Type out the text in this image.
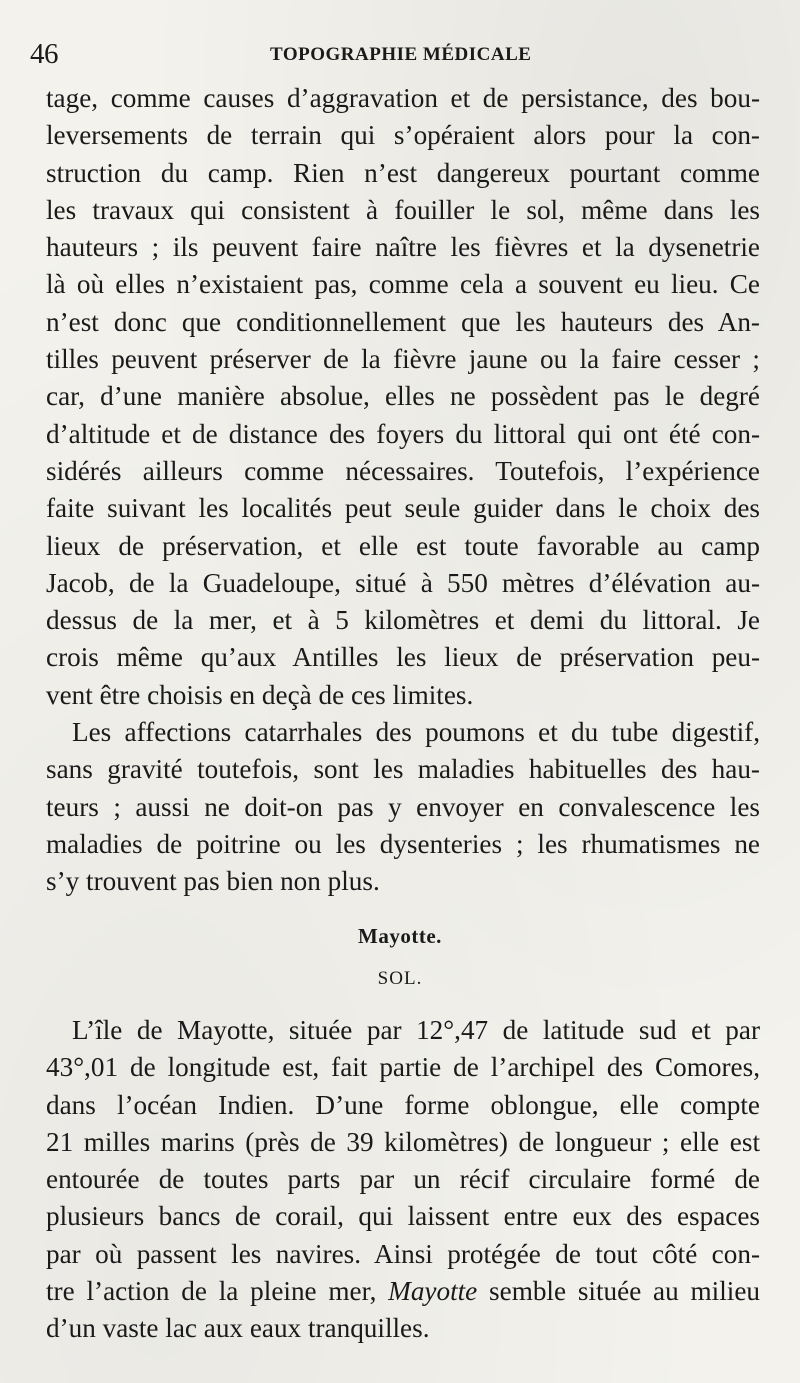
46	TOPOGRAPHIE MÉDICALE
tage, comme causes d’aggravation et de persistance, des bou-
leversements de terrain qui s’opéraient alors pour la con-
struction du camp. Rien n’est dangereux pourtant comme
les travaux qui consistent à fouiller le sol, même dans les
hauteurs ; ils peuvent faire naître les fièvres et la dysenetrie
là où elles n’existaient pas, comme cela a souvent eu lieu. Ce
n’est donc que conditionnellement que les hauteurs des An-
tilles peuvent préserver de la fièvre jaune ou la faire cesser ;
car, d’une manière absolue, elles ne possèdent pas le degré
d’altitude et de distance des foyers du littoral qui ont été con-
sidérés ailleurs comme nécessaires. Toutefois, l’expérience
faite suivant les localités peut seule guider dans le choix des
lieux de préservation, et elle est toute favorable au camp
Jacob, de la Guadeloupe, situé à 550 mètres d’élévation au-
dessus de la mer, et à 5 kilomètres et demi du littoral. Je
crois même qu’aux Antilles les lieux de préservation peu-
vent être choisis en deçà de ces limites.
Les affections catarrhales des poumons et du tube digestif,
sans gravité toutefois, sont les maladies habituelles des hau-
teurs ; aussi ne doit-on pas y envoyer en convalescence les
maladies de poitrine ou les dysenteries ; les rhumatismes ne
s’y trouvent pas bien non plus.
Mayotte.
SOL.
L’île de Mayotte, située par 12°,47 de latitude sud et par
43°,01 de longitude est, fait partie de l’archipel des Comores,
dans l’océan Indien. D’une forme oblongue, elle compte
21 milles marins (près de 39 kilomètres) de longueur ; elle est
entourée de toutes parts par un récif circulaire formé de
plusieurs bancs de corail, qui laissent entre eux des espaces
par où passent les navires. Ainsi protégée de tout côté con-
tre l’action de la pleine mer, Mayotte semble située au milieu
d’un vaste lac aux eaux tranquilles.
